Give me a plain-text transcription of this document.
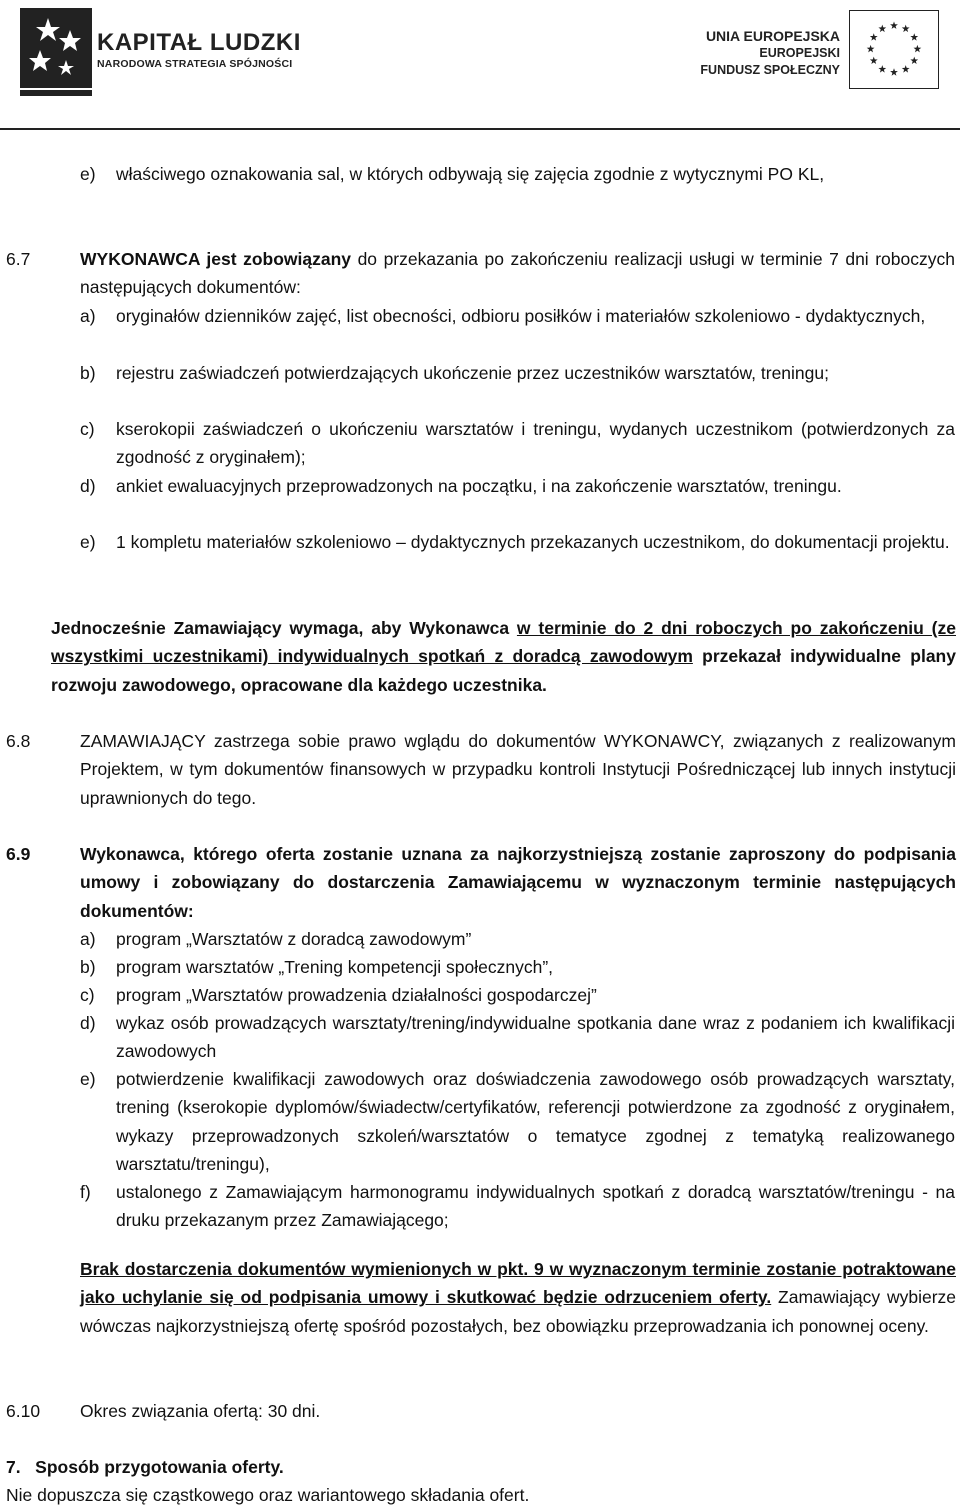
KAPITAŁ LUDZKI
NARODOWA STRATEGIA SPÓJNOŚCI
UNIA EUROPEJSKA
EUROPEJSKI
FUNDUSZ SPOŁECZNY
e) właściwego oznakowania sal, w których odbywają się zajęcia zgodnie z wytycznymi PO KL,
6.7	WYKONAWCA jest zobowiązany do przekazania po zakończeniu realizacji usługi w terminie 7 dni roboczych następujących dokumentów:
a) oryginałów dzienników zajęć, list obecności, odbioru posiłków i materiałów szkoleniowo - dydaktycznych,
b) rejestru zaświadczeń potwierdzających ukończenie przez uczestników warsztatów, treningu;
c) kserokopii zaświadczeń o ukończeniu warsztatów i treningu, wydanych uczestnikom (potwierdzonych za zgodność z oryginałem);
d) ankiet ewaluacyjnych przeprowadzonych na początku, i na zakończenie warsztatów, treningu.
e) 1 kompletu materiałów szkoleniowo – dydaktycznych przekazanych uczestnikom, do dokumentacji projektu.
Jednocześnie Zamawiający wymaga, aby Wykonawca w terminie do 2 dni roboczych po zakończeniu (ze wszystkimi uczestnikami) indywidualnych spotkań z doradcą zawodowym przekazał indywidualne plany rozwoju zawodowego, opracowane dla każdego uczestnika.
6.8	ZAMAWIAJĄCY zastrzega sobie prawo wglądu do dokumentów WYKONAWCY, związanych z realizowanym Projektem, w tym dokumentów finansowych w przypadku kontroli Instytucji Pośredniczącej lub innych instytucji uprawnionych do tego.
6.9	Wykonawca, którego oferta zostanie uznana za najkorzystniejszą zostanie zaproszony do podpisania umowy i zobowiązany do dostarczenia Zamawiającemu w wyznaczonym terminie następujących dokumentów:
a) program „Warsztatów z doradcą zawodowym”
b) program warsztatów „Trening kompetencji społecznych”,
c) program „Warsztatów prowadzenia działalności gospodarczej”
d) wykaz osób prowadzących warsztaty/trening/indywidualne spotkania dane wraz z podaniem ich kwalifikacji zawodowych
e) potwierdzenie kwalifikacji zawodowych oraz doświadczenia zawodowego osób prowadzących warsztaty, trening (kserokopie dyplomów/świadectw/certyfikatów, referencji potwierdzone za zgodność z oryginałem, wykazy przeprowadzonych szkoleń/warsztatów o tematyce zgodnej z tematyką realizowanego warsztatu/treningu),
f) ustalonego z Zamawiającym harmonogramu indywidualnych spotkań z doradcą warsztatów/treningu - na druku przekazanym przez Zamawiającego;
Brak dostarczenia dokumentów wymienionych w pkt. 9 w wyznaczonym terminie zostanie potraktowane jako uchylanie się od podpisania umowy i skutkować będzie odrzuceniem oferty. Zamawiający wybierze wówczas najkorzystniejszą ofertę spośród pozostałych, bez obowiązku przeprowadzania ich ponownej oceny.
6.10 Okres związania ofertą: 30 dni.
7.   Sposób przygotowania oferty.
Nie dopuszcza się cząstkowego oraz wariantowego składania ofert.
